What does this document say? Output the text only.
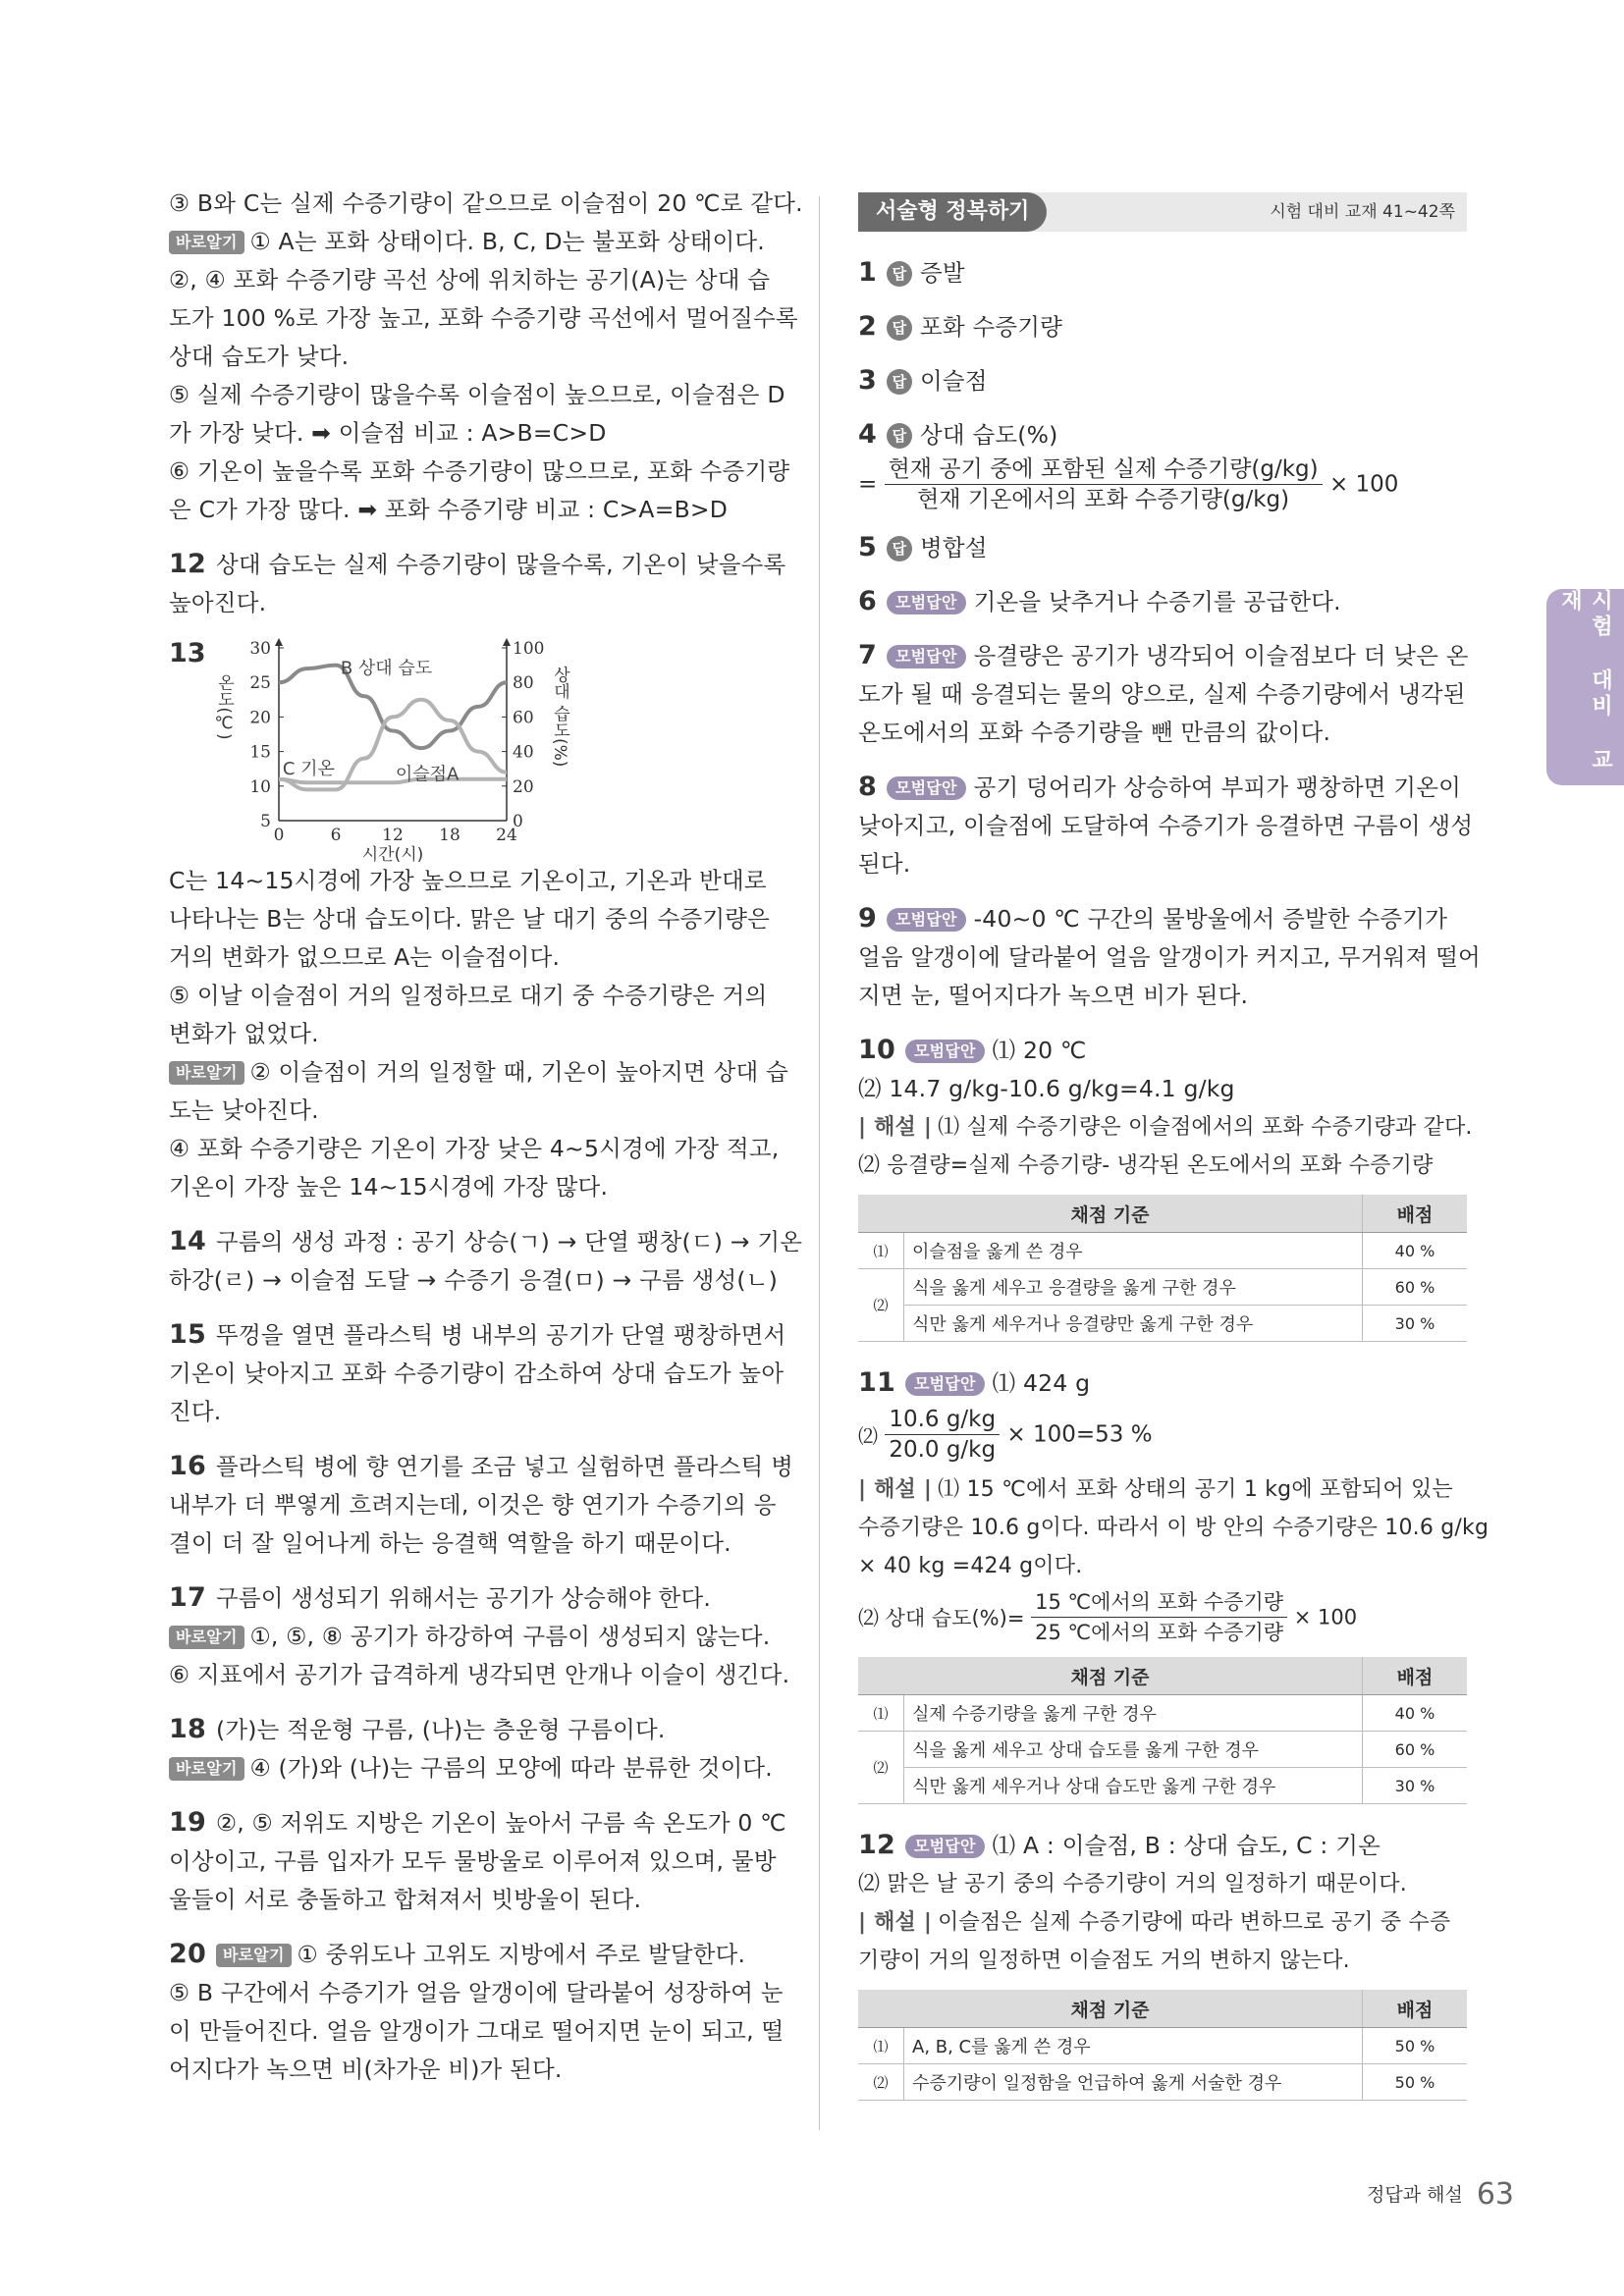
③ B와 C는 실제 수증기량이 같으므로 이슬점이 20 ℃로 같다.

바로알기 ① A는 포화 상태이다. B, C, D는 불포화 상태이다.

②, ④ 포화 수증기량 곡선 상에 위치하는 공기(A)는 상대 습

도가 100 %로 가장 높고, 포화 수증기량 곡선에서 멀어질수록

상대 습도가 낮다.

⑤ 실제 수증기량이 많을수록 이슬점이 높으므로, 이슬점은 D

가 가장 낮다. ➡ 이슬점 비교 : A>B=C>D

⑥ 기온이 높을수록 포화 수증기량이 많으므로, 포화 수증기량

은 C가 가장 많다. ➡ 포화 수증기량 비교 : C>A=B>D

12 상대 습도는 실제 수증기량이 많을수록, 기온이 낮을수록

높아진다.

13
5
10
15
20
25
30
0
20
40
60
80
100
0	6 12 18 24
시간(시)
온도(℃)	상대 습도(%)
B 상대 습도
C 기온	이슬점A

C는 14~15시경에 가장 높으므로 기온이고, 기온과 반대로

나타나는 B는 상대 습도이다. 맑은 날 대기 중의 수증기량은

거의 변화가 없으므로 A는 이슬점이다.

⑤ 이날 이슬점이 거의 일정하므로 대기 중 수증기량은 거의

변화가 없었다.

바로알기 ② 이슬점이 거의 일정할 때, 기온이 높아지면 상대 습

도는 낮아진다.

④ 포화 수증기량은 기온이 가장 낮은 4~5시경에 가장 적고,

기온이 가장 높은 14~15시경에 가장 많다.

14 구름의 생성 과정 : 공기 상승(ㄱ) → 단열 팽창(ㄷ) → 기온

하강(ㄹ) → 이슬점 도달 → 수증기 응결(ㅁ) → 구름 생성(ㄴ)

15 뚜껑을 열면 플라스틱 병 내부의 공기가 단열 팽창하면서

기온이 낮아지고 포화 수증기량이 감소하여 상대 습도가 높아

진다.

16 플라스틱 병에 향 연기를 조금 넣고 실험하면 플라스틱 병

내부가 더 뿌옇게 흐려지는데, 이것은 향 연기가 수증기의 응

결이 더 잘 일어나게 하는 응결핵 역할을 하기 때문이다.

17 구름이 생성되기 위해서는 공기가 상승해야 한다.

바로알기 ①, ⑤, ⑧ 공기가 하강하여 구름이 생성되지 않는다.

⑥ 지표에서 공기가 급격하게 냉각되면 안개나 이슬이 생긴다.

18 (가)는 적운형 구름, (나)는 층운형 구름이다.

바로알기 ④ (가)와 (나)는 구름의 모양에 따라 분류한 것이다.

19 ②, ⑤ 저위도 지방은 기온이 높아서 구름 속 온도가 0 ℃

이상이고, 구름 입자가 모두 물방울로 이루어져 있으며, 물방

울들이 서로 충돌하고 합쳐져서 빗방울이 된다.

20 바로알기 ① 중위도나 고위도 지방에서 주로 발달한다.

⑤ B 구간에서 수증기가 얼음 알갱이에 달라붙어 성장하여 눈

이 만들어진다. 얼음 알갱이가 그대로 떨어지면 눈이 되고, 떨

어지다가 녹으면 비(차가운 비)가 된다.

서술형 정복하기	시험 대비 교재 41~42쪽

1 답 증발

2 답 포화 수증기량

3 답 이슬점

4 답 상대 습도(%)

= $\frac{\text{현재 공기 중에 포함된 실제 수증기량(g/kg)}}{\text{현재 기온에서의 포화 수증기량(g/kg)}} \times 100$

5 답 병합설

6 모범답안 기온을 낮추거나 수증기를 공급한다.

7 모범답안 응결량은 공기가 냉각되어 이슬점보다 더 낮은 온

도가 될 때 응결되는 물의 양으로, 실제 수증기량에서 냉각된

온도에서의 포화 수증기량을 뺀 만큼의 값이다.

8 모범답안 공기 덩어리가 상승하여 부피가 팽창하면 기온이

낮아지고, 이슬점에 도달하여 수증기가 응결하면 구름이 생성

된다.

9 모범답안 -40~0 ℃ 구간의 물방울에서 증발한 수증기가

얼음 알갱이에 달라붙어 얼음 알갱이가 커지고, 무거워져 떨어

지면 눈, 떨어지다가 녹으면 비가 된다.

10 모범답안 ⑴ 20 ℃

⑵ 14.7 g/kg-10.6 g/kg=4.1 g/kg

| 해설 | ⑴ 실제 수증기량은 이슬점에서의 포화 수증기량과 같다.

⑵ 응결량=실제 수증기량- 냉각된 온도에서의 포화 수증기량

채점 기준		배점
⑴	이슬점을 옳게 쓴 경우	40 %
⑵	식을 옳게 세우고 응결량을 옳게 구한 경우	60 %
	식만 옳게 세우거나 응결량만 옳게 구한 경우	30 %

11 모범답안 ⑴ 424 g

⑵ $\frac{10.6 g/kg}{20.0 g/kg} \times 100=53$ %

| 해설 | ⑴ 15 ℃에서 포화 상태의 공기 1 kg에 포함되어 있는

수증기량은 10.6 g이다. 따라서 이 방 안의 수증기량은 10.6 g/kg

× 40 kg =424 g이다.

⑵ 상대 습도(%)= $\frac{\text{15 ℃에서의 포화 수증기량}}{\text{25 ℃에서의 포화 수증기량}} \times 100$
채점 기준		배점
⑴	실제 수증기량을 옳게 구한 경우	40 %
⑵	식을 옳게 세우고 상대 습도를 옳게 구한 경우	60 %
	식만 옳게 세우거나 상대 습도만 옳게 구한 경우	30 %

12 모범답안 ⑴ A : 이슬점, B : 상대 습도, C : 기온

⑵ 맑은 날 공기 중의 수증기량이 거의 일정하기 때문이다.

| 해설 | 이슬점은 실제 수증기량에 따라 변하므로 공기 중 수증

기량이 거의 일정하면 이슬점도 거의 변하지 않는다.

채점 기준		배점
⑴	A, B, C를 옳게 쓴 경우	50 %
⑵	수증기량이 일정함을 언급하여 옳게 서술한 경우	50 %
시험 대비 교재
정답과 해설 63
